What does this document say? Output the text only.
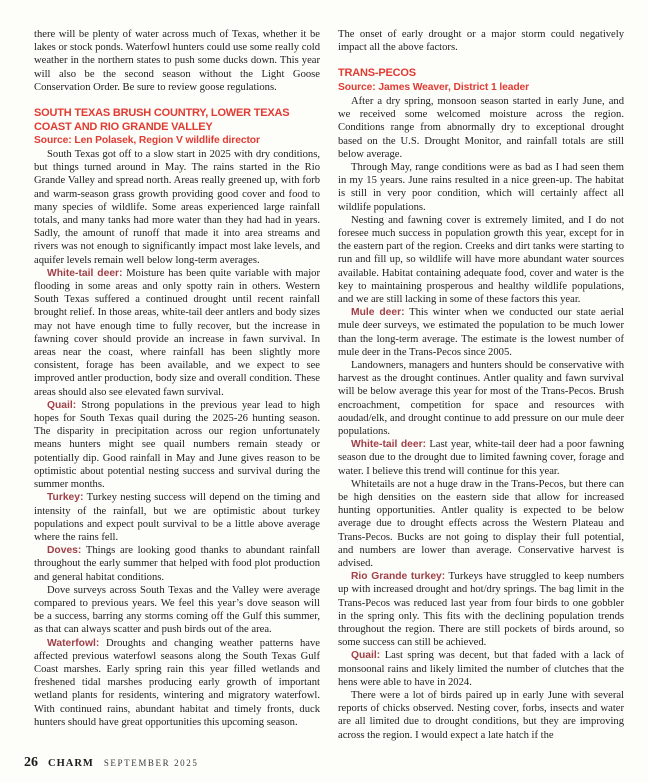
there will be plenty of water across much of Texas, whether it be lakes or stock ponds. Waterfowl hunters could use some really cold weather in the northern states to push some ducks down. This year will also be the second season without the Light Goose Conservation Order. Be sure to review goose regulations.

SOUTH TEXAS BRUSH COUNTRY, LOWER TEXAS COAST AND RIO GRANDE VALLEY
Source: Len Polasek, Region V wildlife director

South Texas got off to a slow start in 2025 with dry conditions, but things turned around in May. The rains started in the Rio Grande Valley and spread north. Areas really greened up, with forb and warm-season grass growth providing good cover and food to many species of wildlife. Some areas experienced large rainfall totals, and many tanks had more water than they had had in years. Sadly, the amount of runoff that made it into area streams and rivers was not enough to significantly impact most lake levels, and aquifer levels remain well below long-term averages.

White-tail deer: Moisture has been quite variable with major flooding in some areas and only spotty rain in others. Western South Texas suffered a continued drought until recent rainfall brought relief. In those areas, white-tail deer antlers and body sizes may not have enough time to fully recover, but the increase in fawning cover should provide an increase in fawn survival. In areas near the coast, where rainfall has been slightly more consistent, forage has been available, and we expect to see improved antler production, body size and overall condition. These areas should also see elevated fawn survival.

Quail: Strong populations in the previous year lead to high hopes for South Texas quail during the 2025-26 hunting season. The disparity in precipitation across our region unfortunately means hunters might see quail numbers remain steady or potentially dip. Good rainfall in May and June gives reason to be optimistic about potential nesting success and survival during the summer months.

Turkey: Turkey nesting success will depend on the timing and intensity of the rainfall, but we are optimistic about turkey populations and expect poult survival to be a little above average where the rains fell.

Doves: Things are looking good thanks to abundant rainfall throughout the early summer that helped with food plot production and general habitat conditions.

Dove surveys across South Texas and the Valley were average compared to previous years. We feel this year’s dove season will be a success, barring any storms coming off the Gulf this summer, as that can always scatter and push birds out of the area.

Waterfowl: Droughts and changing weather patterns have affected previous waterfowl seasons along the South Texas Gulf Coast marshes. Early spring rain this year filled wetlands and freshened tidal marshes producing early growth of important wetland plants for residents, wintering and migratory waterfowl. With continued rains, abundant habitat and timely fronts, duck hunters should have great opportunities this upcoming season.

The onset of early drought or a major storm could negatively impact all the above factors.

TRANS-PECOS
Source: James Weaver, District 1 leader

After a dry spring, monsoon season started in early June, and we received some welcomed moisture across the region. Conditions range from abnormally dry to exceptional drought based on the U.S. Drought Monitor, and rainfall totals are still below average.

Through May, range conditions were as bad as I had seen them in my 15 years. June rains resulted in a nice green-up. The habitat is still in very poor condition, which will certainly affect all wildlife populations.

Nesting and fawning cover is extremely limited, and I do not foresee much success in population growth this year, except for in the eastern part of the region. Creeks and dirt tanks were starting to run and fill up, so wildlife will have more abundant water sources available. Habitat containing adequate food, cover and water is the key to maintaining prosperous and healthy wildlife populations, and we are still lacking in some of these factors this year.

Mule deer: This winter when we conducted our state aerial mule deer surveys, we estimated the population to be much lower than the long-term average. The estimate is the lowest number of mule deer in the Trans-Pecos since 2005.

Landowners, managers and hunters should be conservative with harvest as the drought continues. Antler quality and fawn survival will be below average this year for most of the Trans-Pecos. Brush encroachment, competition for space and resources with aoudad/elk, and drought continue to add pressure on our mule deer populations.

White-tail deer: Last year, white-tail deer had a poor fawning season due to the drought due to limited fawning cover, forage and water. I believe this trend will continue for this year.

Whitetails are not a huge draw in the Trans-Pecos, but there can be high densities on the eastern side that allow for increased hunting opportunities. Antler quality is expected to be below average due to drought effects across the Western Plateau and Trans-Pecos. Bucks are not going to display their full potential, and numbers are lower than average. Conservative harvest is advised.

Rio Grande turkey: Turkeys have struggled to keep numbers up with increased drought and hot/dry springs. The bag limit in the Trans-Pecos was reduced last year from four birds to one gobbler in the spring only. This fits with the declining population trends throughout the region. There are still pockets of birds around, so some success can still be achieved.

Quail: Last spring was decent, but that faded with a lack of monsoonal rains and likely limited the number of clutches that the hens were able to have in 2024.

There were a lot of birds paired up in early June with several reports of chicks observed. Nesting cover, forbs, insects and water are all limited due to drought conditions, but they are improving across the region. I would expect a late hatch if the

26 CHARM SEPTEMBER 2025
